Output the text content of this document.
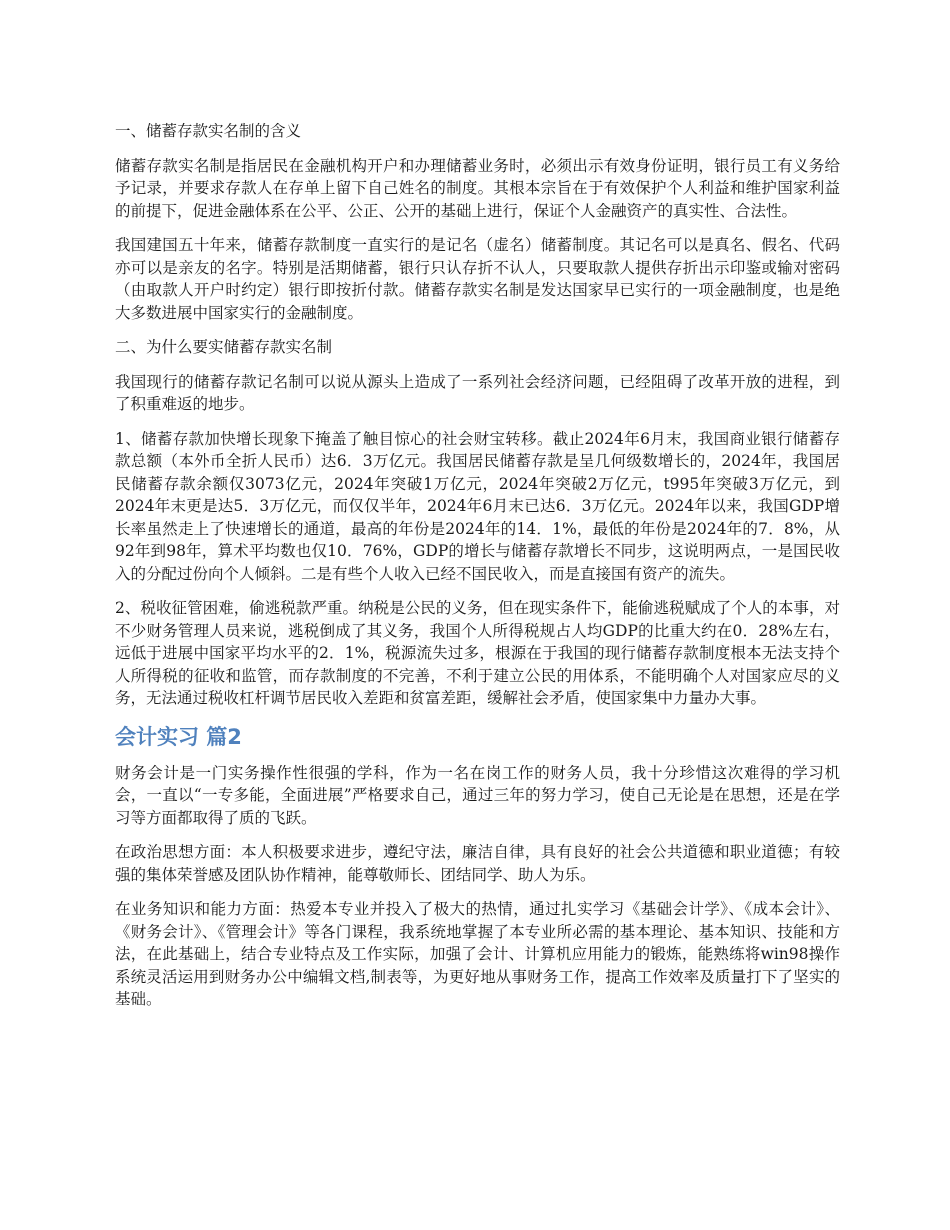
一、储蓄存款实名制的含义

储蓄存款实名制是指居民在金融机构开户和办理储蓄业务时，必须出示有效身份证明，银行员工有义务给予记录，并要求存款人在存单上留下自己姓名的制度。其根本宗旨在于有效保护个人利益和维护国家利益的前提下，促进金融体系在公平、公正、公开的基础上进行，保证个人金融资产的真实性、合法性。

我国建国五十年来，储蓄存款制度一直实行的是记名（虚名）储蓄制度。其记名可以是真名、假名、代码亦可以是亲友的名字。特别是活期储蓄，银行只认存折不认人，只要取款人提供存折出示印鉴或输对密码（由取款人开户时约定）银行即按折付款。储蓄存款实名制是发达国家早已实行的一项金融制度，也是绝大多数进展中国家实行的金融制度。

二、为什么要实储蓄存款实名制

我国现行的储蓄存款记名制可以说从源头上造成了一系列社会经济问题，已经阻碍了改革开放的进程，到了积重难返的地步。

1、储蓄存款加快增长现象下掩盖了触目惊心的社会财宝转移。截止2024年6月末，我国商业银行储蓄存款总额（本外币全折人民币）达6．3万亿元。我国居民储蓄存款是呈几何级数增长的，2024年，我国居民储蓄存款余额仅3073亿元，2024年突破1万亿元，2024年突破2万亿元，t995年突破3万亿元，到2024年末更是达5．3万亿元，而仅仅半年，2024年6月末已达6．3万亿元。2024年以来，我国GDP增长率虽然走上了快速增长的通道，最高的年份是2024年的14．1%，最低的年份是2024年的7．8%，从92年到98年，算术平均数也仅10．76%，GDP的增长与储蓄存款增长不同步，这说明两点，一是国民收入的分配过份向个人倾斜。二是有些个人收入已经不国民收入，而是直接国有资产的流失。

2、税收征管困难，偷逃税款严重。纳税是公民的义务，但在现实条件下，能偷逃税赋成了个人的本事，对不少财务管理人员来说，逃税倒成了其义务，我国个人所得税规占人均GDP的比重大约在0．28%左右，远低于进展中国家平均水平的2．1%，税源流失过多，根源在于我国的现行储蓄存款制度根本无法支持个人所得税的征收和监管，而存款制度的不完善，不利于建立公民的用体系，不能明确个人对国家应尽的义务，无法通过税收杠杆调节居民收入差距和贫富差距，缓解社会矛盾，使国家集中力量办大事。

会计实习 篇2

财务会计是一门实务操作性很强的学科，作为一名在岗工作的财务人员，我十分珍惜这次难得的学习机会，一直以“一专多能，全面进展”严格要求自己，通过三年的努力学习，使自己无论是在思想，还是在学习等方面都取得了质的飞跃。

在政治思想方面：本人积极要求进步，遵纪守法，廉洁自律，具有良好的社会公共道德和职业道德；有较强的集体荣誉感及团队协作精神，能尊敬师长、团结同学、助人为乐。

在业务知识和能力方面：热爱本专业并投入了极大的热情，通过扎实学习《基础会计学》、《成本会计》、《财务会计》、《管理会计》等各门课程，我系统地掌握了本专业所必需的基本理论、基本知识、技能和方法，在此基础上，结合专业特点及工作实际，加强了会计、计算机应用能力的锻炼，能熟练将win98操作系统灵活运用到财务办公中编辑文档,制表等，为更好地从事财务工作，提高工作效率及质量打下了坚实的基础。
